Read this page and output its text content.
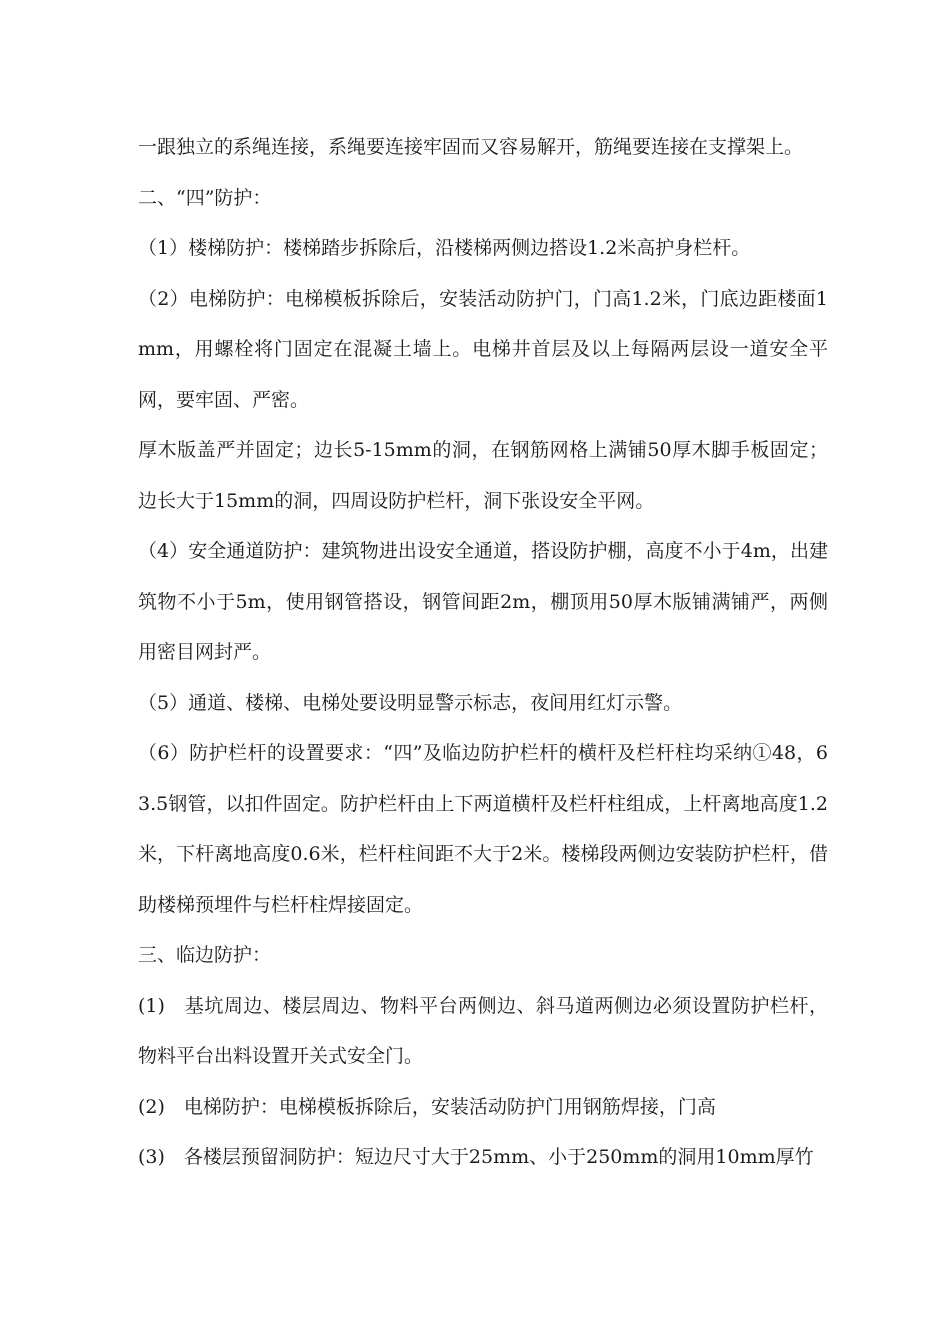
一跟独立的系绳连接，系绳要连接牢固而又容易解开，筋绳要连接在支撑架上。

二、“四”防护：

（1）楼梯防护：楼梯踏步拆除后，沿楼梯两侧边搭设1.2米高护身栏杆。

（2）电梯防护：电梯模板拆除后，安装活动防护门，门高1.2米，门底边距楼面1mm，用螺栓将门固定在混凝土墙上。电梯井首层及以上每隔两层设一道安全平网，要牢固、严密。

厚木版盖严并固定；边长5-15mm的洞，在钢筋网格上满铺50厚木脚手板固定；边长大于15mm的洞，四周设防护栏杆，洞下张设安全平网。

（4）安全通道防护：建筑物进出设安全通道，搭设防护棚，高度不小于4m，出建筑物不小于5m，使用钢管搭设，钢管间距2m，棚顶用50厚木版铺满铺严，两侧用密目网封严。

（5）通道、楼梯、电梯处要设明显警示标志，夜间用红灯示警。

（6）防护栏杆的设置要求：“四”及临边防护栏杆的横杆及栏杆柱均采纳①48，6 3.5钢管，以扣件固定。防护栏杆由上下两道横杆及栏杆柱组成，上杆离地高度1.2米，下杆离地高度0.6米，栏杆柱间距不大于2米。楼梯段两侧边安装防护栏杆，借助楼梯预埋件与栏杆柱焊接固定。

三、临边防护：

(1)　基坑周边、楼层周边、物料平台两侧边、斜马道两侧边必须设置防护栏杆，物料平台出料设置开关式安全门。

(2)　电梯防护：电梯模板拆除后，安装活动防护门用钢筋焊接，门高

(3)　各楼层预留洞防护：短边尺寸大于25mm、小于250mm的洞用10mm厚竹
